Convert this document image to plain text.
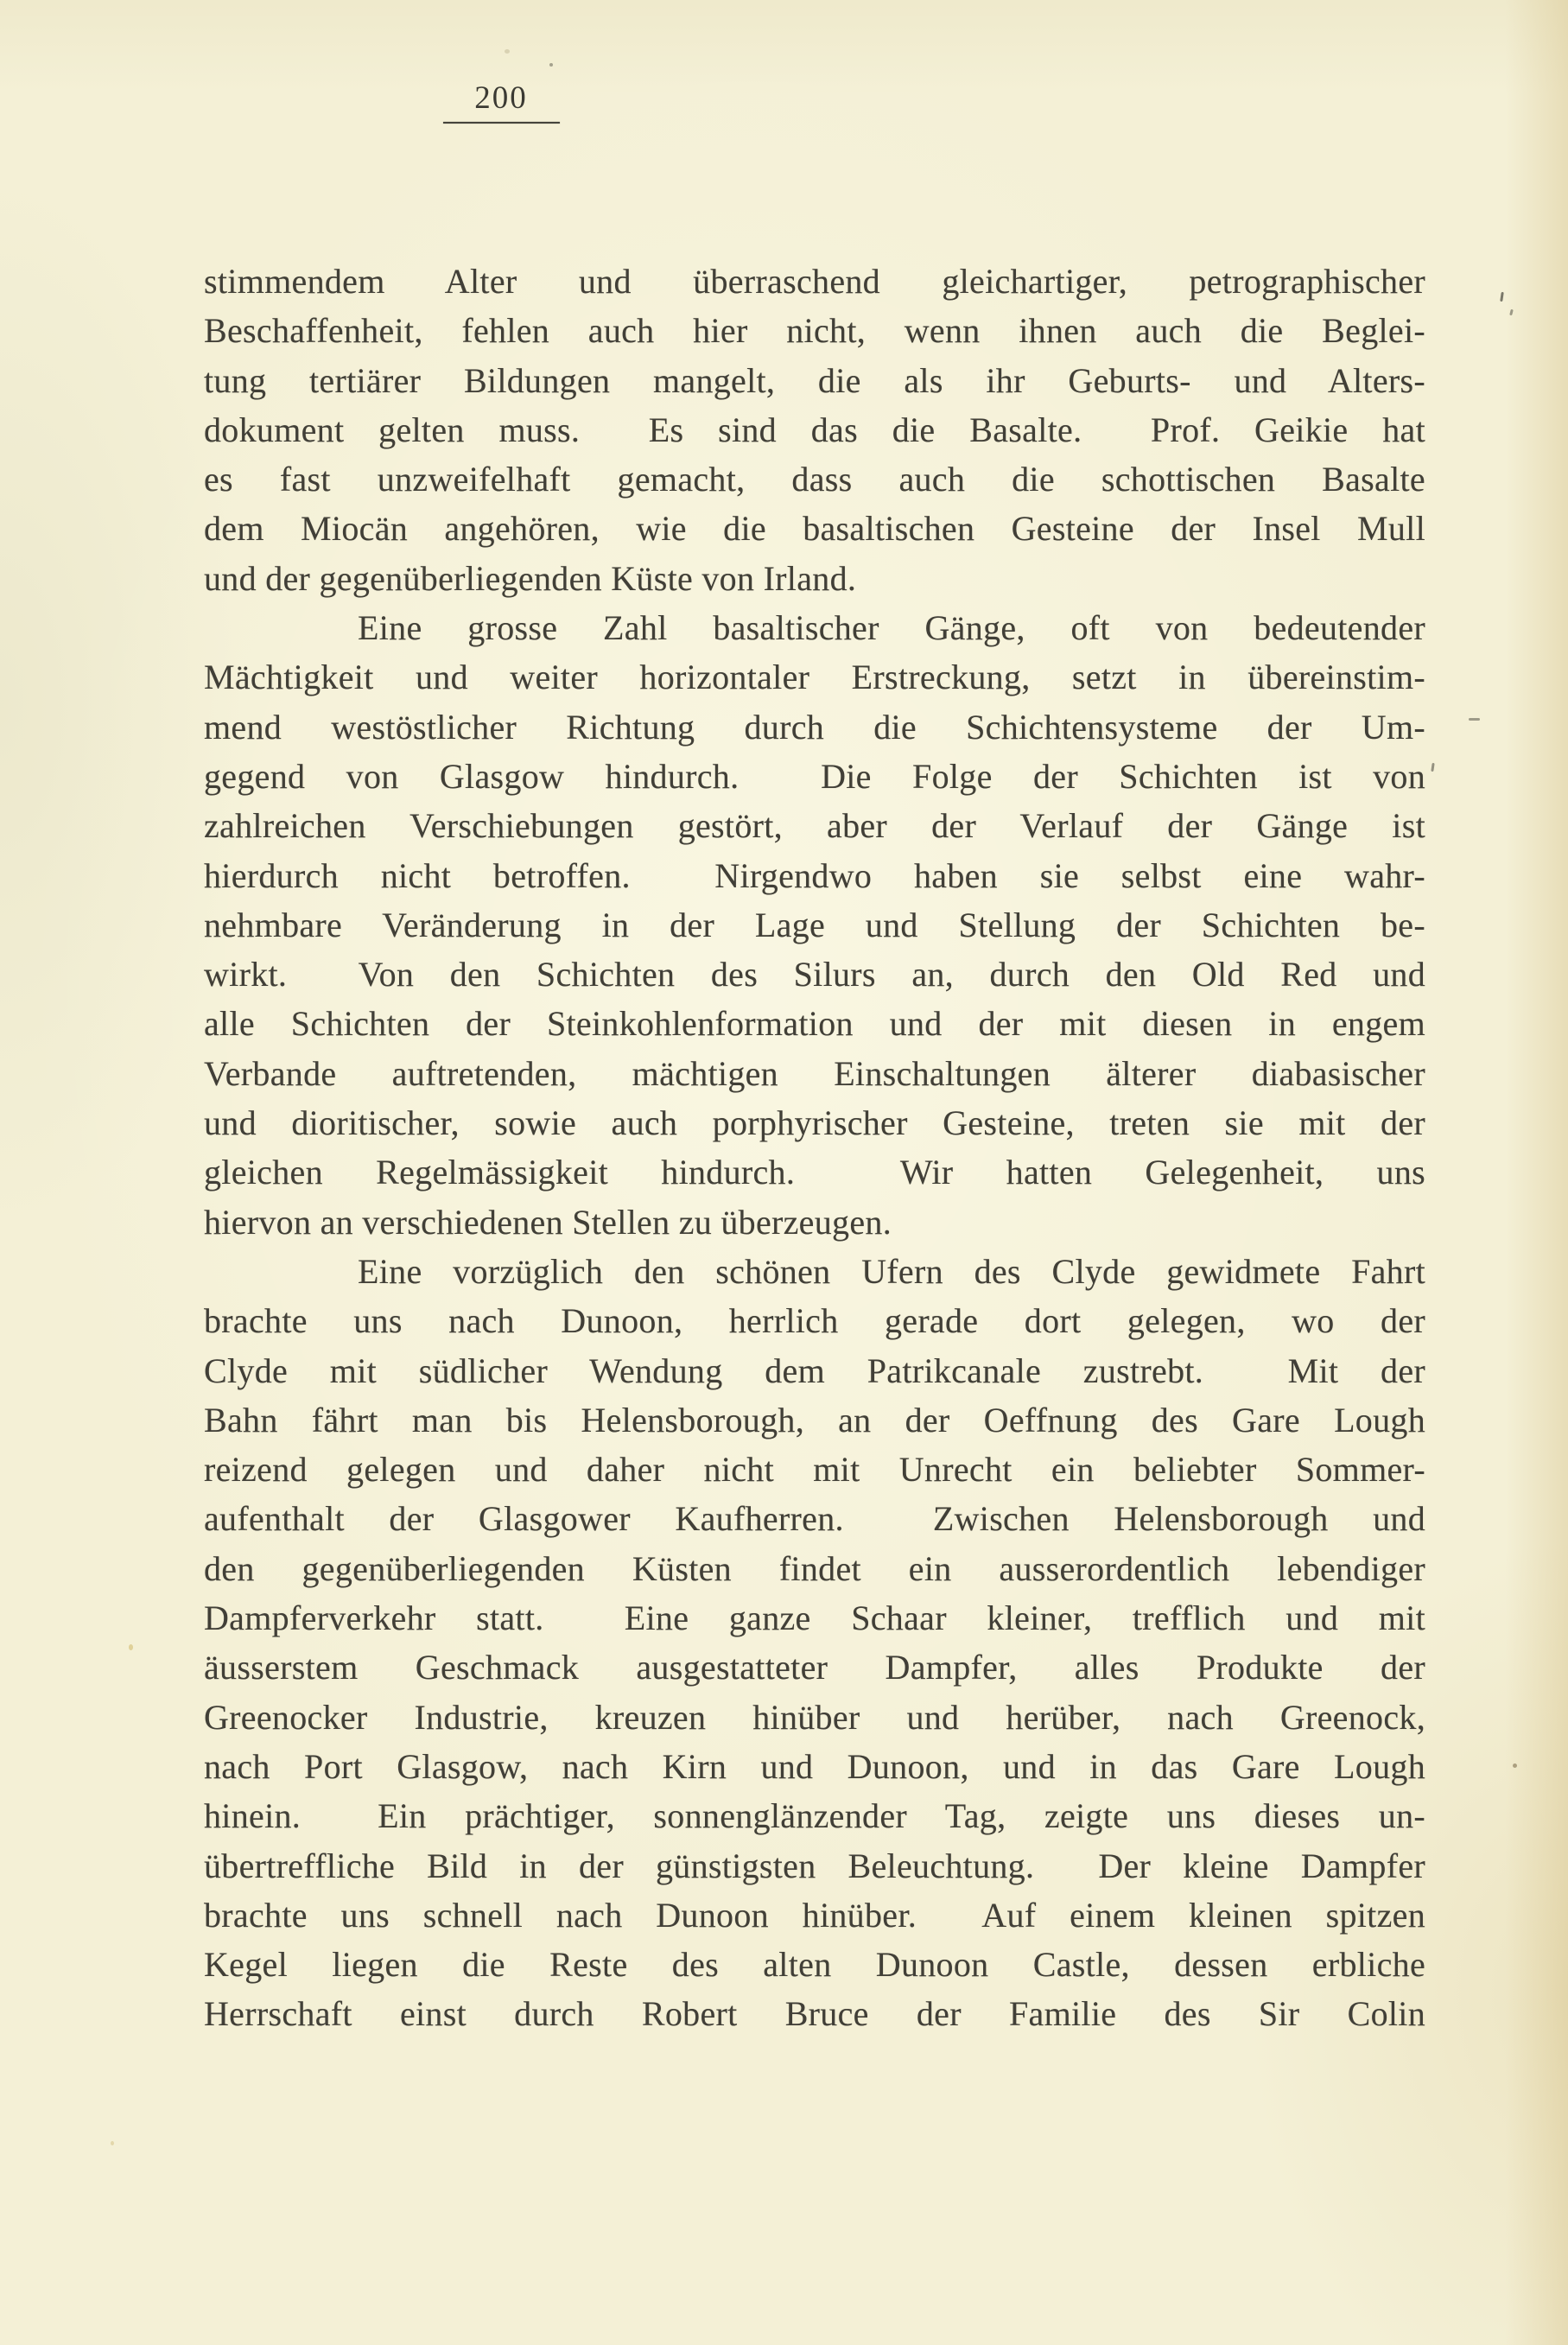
200
stimmendem Alter und überraschend gleichartiger, petrographischer
Beschaffenheit, fehlen auch hier nicht, wenn ihnen auch die Beglei-
tung tertiärer Bildungen mangelt, die als ihr Geburts- und Alters-
dokument gelten muss.  Es sind das die Basalte.  Prof. Geikie hat
es fast unzweifelhaft gemacht, dass auch die schottischen Basalte
dem Miocän angehören, wie die basaltischen Gesteine der Insel Mull
und der gegenüberliegenden Küste von Irland.
Eine grosse Zahl basaltischer Gänge, oft von bedeutender
Mächtigkeit und weiter horizontaler Erstreckung, setzt in übereinstim-
mend westöstlicher Richtung durch die Schichtensysteme der Um-
gegend von Glasgow hindurch.  Die Folge der Schichten ist von
zahlreichen Verschiebungen gestört, aber der Verlauf der Gänge ist
hierdurch nicht betroffen.  Nirgendwo haben sie selbst eine wahr-
nehmbare Veränderung in der Lage und Stellung der Schichten be-
wirkt.  Von den Schichten des Silurs an, durch den Old Red und
alle Schichten der Steinkohlenformation und der mit diesen in engem
Verbande auftretenden, mächtigen Einschaltungen älterer diabasischer
und dioritischer, sowie auch porphyrischer Gesteine, treten sie mit der
gleichen Regelmässigkeit hindurch.  Wir hatten Gelegenheit, uns
hiervon an verschiedenen Stellen zu überzeugen.
Eine vorzüglich den schönen Ufern des Clyde gewidmete Fahrt
brachte uns nach Dunoon, herrlich gerade dort gelegen, wo der
Clyde mit südlicher Wendung dem Patrikcanale zustrebt.  Mit der
Bahn fährt man bis Helensborough, an der Oeffnung des Gare Lough
reizend gelegen und daher nicht mit Unrecht ein beliebter Sommer-
aufenthalt der Glasgower Kaufherren.  Zwischen Helensborough und
den gegenüberliegenden Küsten findet ein ausserordentlich lebendiger
Dampferverkehr statt.  Eine ganze Schaar kleiner, trefflich und mit
äusserstem Geschmack ausgestatteter Dampfer, alles Produkte der
Greenocker Industrie, kreuzen hinüber und herüber, nach Greenock,
nach Port Glasgow, nach Kirn und Dunoon, und in das Gare Lough
hinein.  Ein prächtiger, sonnenglänzender Tag, zeigte uns dieses un-
übertreffliche Bild in der günstigsten Beleuchtung.  Der kleine Dampfer
brachte uns schnell nach Dunoon hinüber.  Auf einem kleinen spitzen
Kegel liegen die Reste des alten Dunoon Castle, dessen erbliche
Herrschaft einst durch Robert Bruce der Familie des Sir Colin
